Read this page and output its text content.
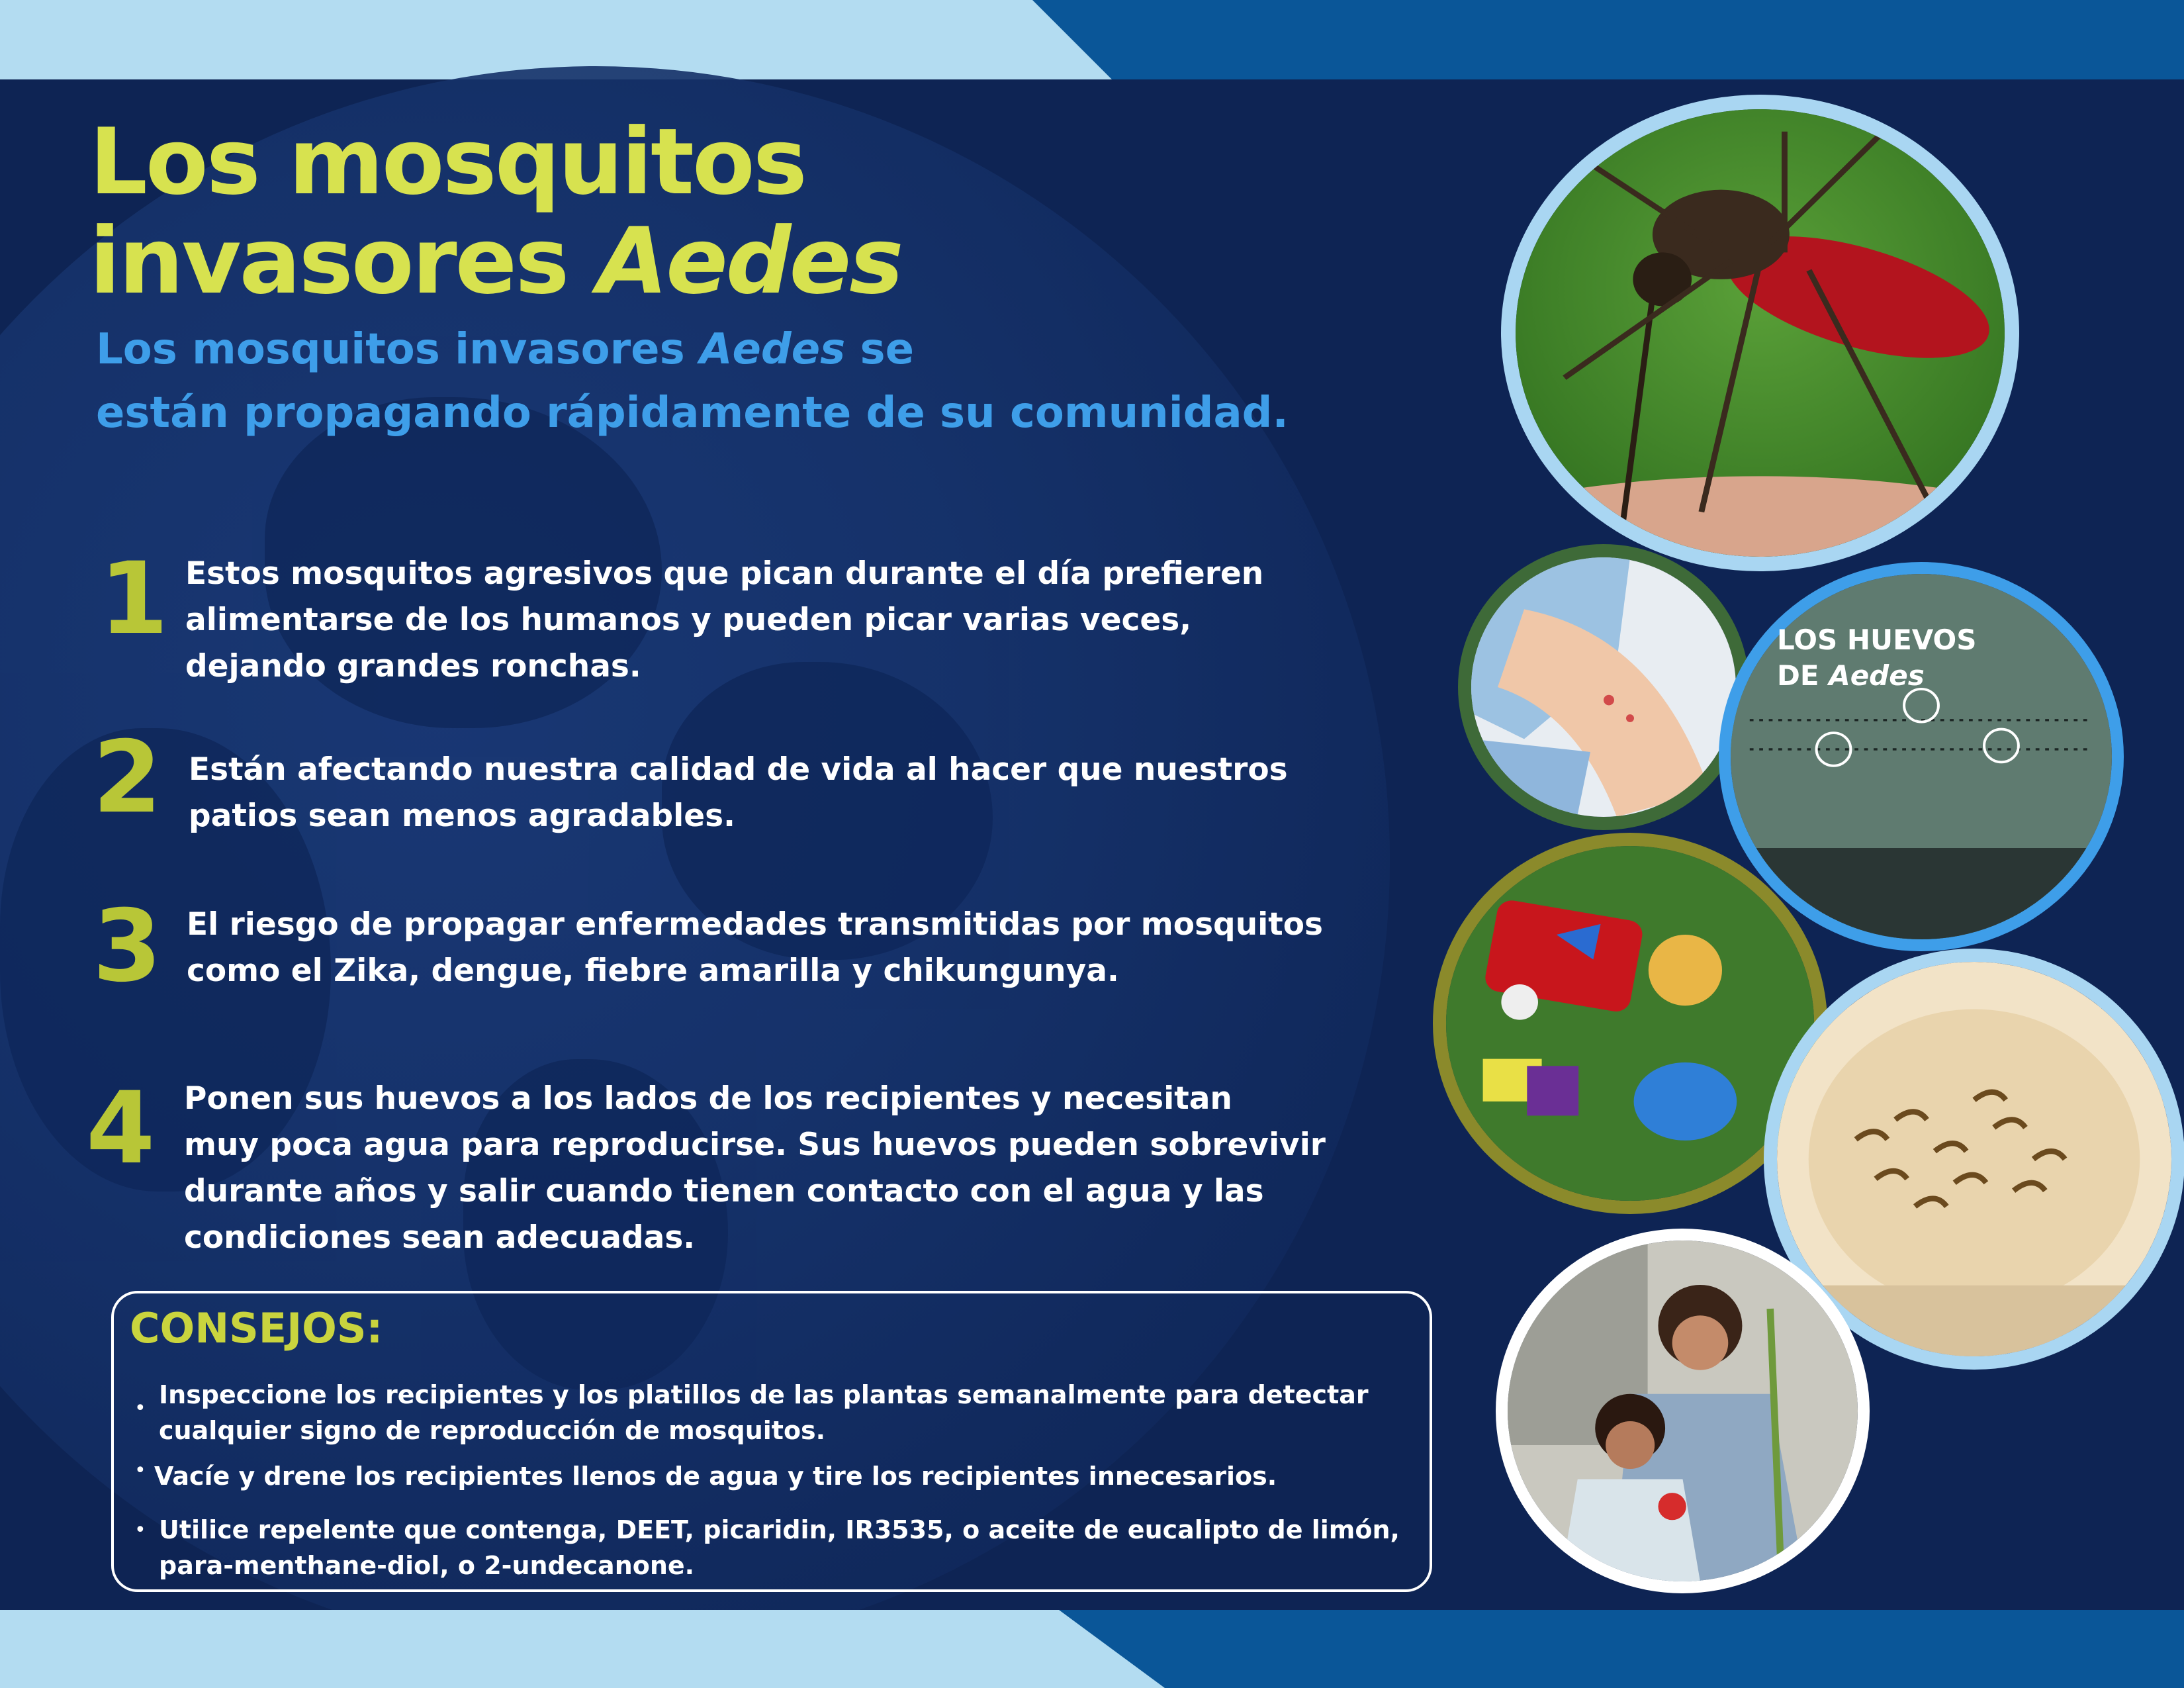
Los mosquitos
invasores Aedes
Los mosquitos invasores Aedes se
están propagando rápidamente de su comunidad.
1 Estos mosquitos agresivos que pican durante el día prefieren
alimentarse de los humanos y pueden picar varias veces,
dejando grandes ronchas.
2 Están afectando nuestra calidad de vida al hacer que nuestros
patios sean menos agradables.
3 El riesgo de propagar enfermedades transmitidas por mosquitos
como el Zika, dengue, fiebre amarilla y chikungunya.
4 Ponen sus huevos a los lados de los recipientes y necesitan
muy poca agua para reproducirse. Sus huevos pueden sobrevivir
durante años y salir cuando tienen contacto con el agua y las
condiciones sean adecuadas.
CONSEJOS:
• Inspeccione los recipientes y los platillos de las plantas semanalmente para detectar
cualquier signo de reproducción de mosquitos.
• Vacíe y drene los recipientes llenos de agua y tire los recipientes innecesarios.
• Utilice repelente que contenga, DEET, picaridin, IR3535, o aceite de eucalipto de limón,
para-menthane-diol, o 2-undecanone.
LOS HUEVOS
DE Aedes
